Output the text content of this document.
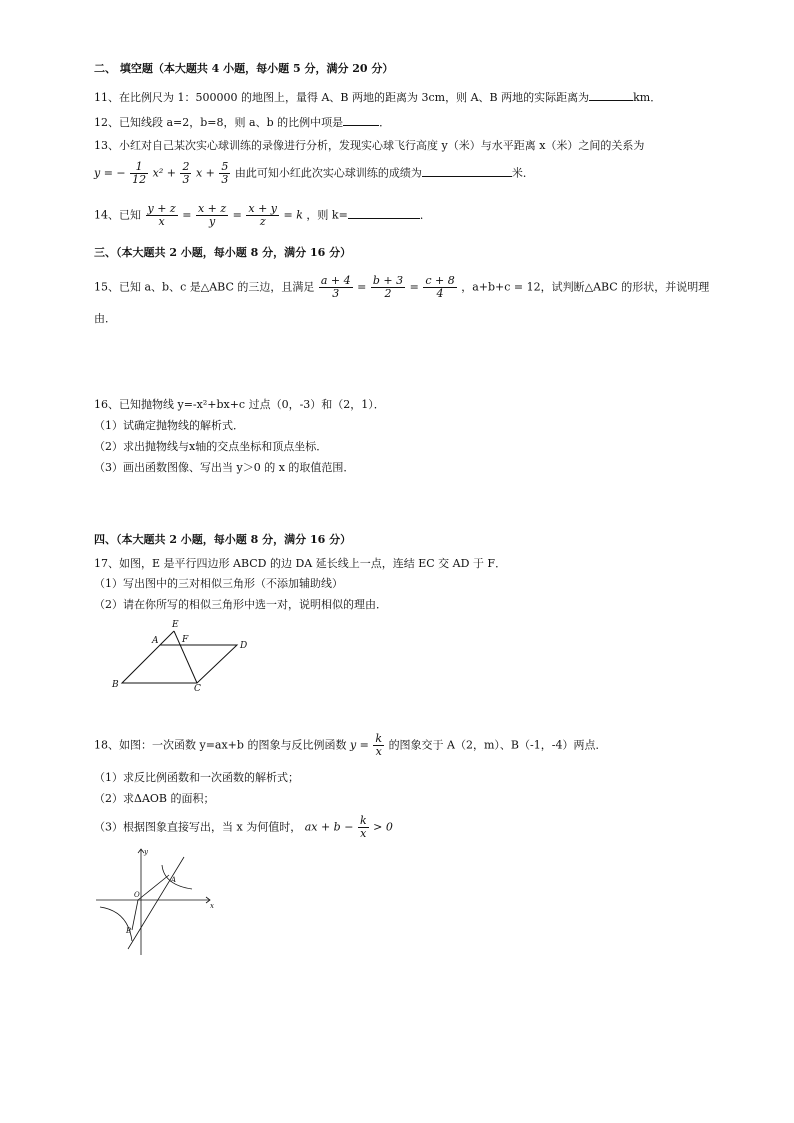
二、 填空题（本大题共 4 小题，每小题 5 分，满分 20 分）
11、在比例尺为 1：500000 的地图上，量得 A、B 两地的距离为 3cm，则 A、B 两地的实际距离为	km．
12、已知线段 a=2，b=8，则 a、b 的比例中项是	．
13、小红对自己某次实心球训练的录像进行分析，发现实心球飞行高度 y（米）与水平距离 x（米）之间的关系为
y = − $\frac{1}{12} x^2 + \frac{2}{3}$ $x + \frac{5}{3}$ 由此可知小红此次实心球训练的成绩为	米．
14、已知 $\frac{y + z}{x} = \frac{x + z}{y} = \frac{x + y}{z} = k$ ，则 k=	．
三、（本大题共 2 小题，每小题 8 分，满分 16 分）
15、已知 a、b、c 是△ABC 的三边，且满足 $\frac{a + 4}{3} = \frac{b + 3}{2} = \frac{c + 8}{4}$ ，a+b+c = 12，试判断△ABC 的形状，并说明理
由．
16、已知抛物线 y=-x²+bx+c 过点（0，-3）和（2，1）．
（1）试确定抛物线的解析式．
（2）求出抛物线与x轴的交点坐标和顶点坐标．
（3）画出函数图像、写出当 y＞0 的 x 的取值范围．
四、（本大题共 2 小题，每小题 8 分，满分 16 分）
17、如图，E 是平行四边形 ABCD 的边 DA 延长线上一点，连结 EC 交 AD 于 F．
（1）写出图中的三对相似三角形（不添加辅助线）
（2）请在你所写的相似三角形中选一对，说明相似的理由．
E
A	F
D
B	C
18、如图：一次函数 y=ax+b 的图象与反比例函数 $y = \frac{k}{x}$ 的图象交于 A（2，m）、B（-1，-4）两点．
（1）求反比例函数和一次函数的解析式；
（2）求ΔAOB 的面积；
（3）根据图象直接写出，当 x 为何值时， ax + $b - \frac{k}{x} > 0$
y
x
O
A
B
